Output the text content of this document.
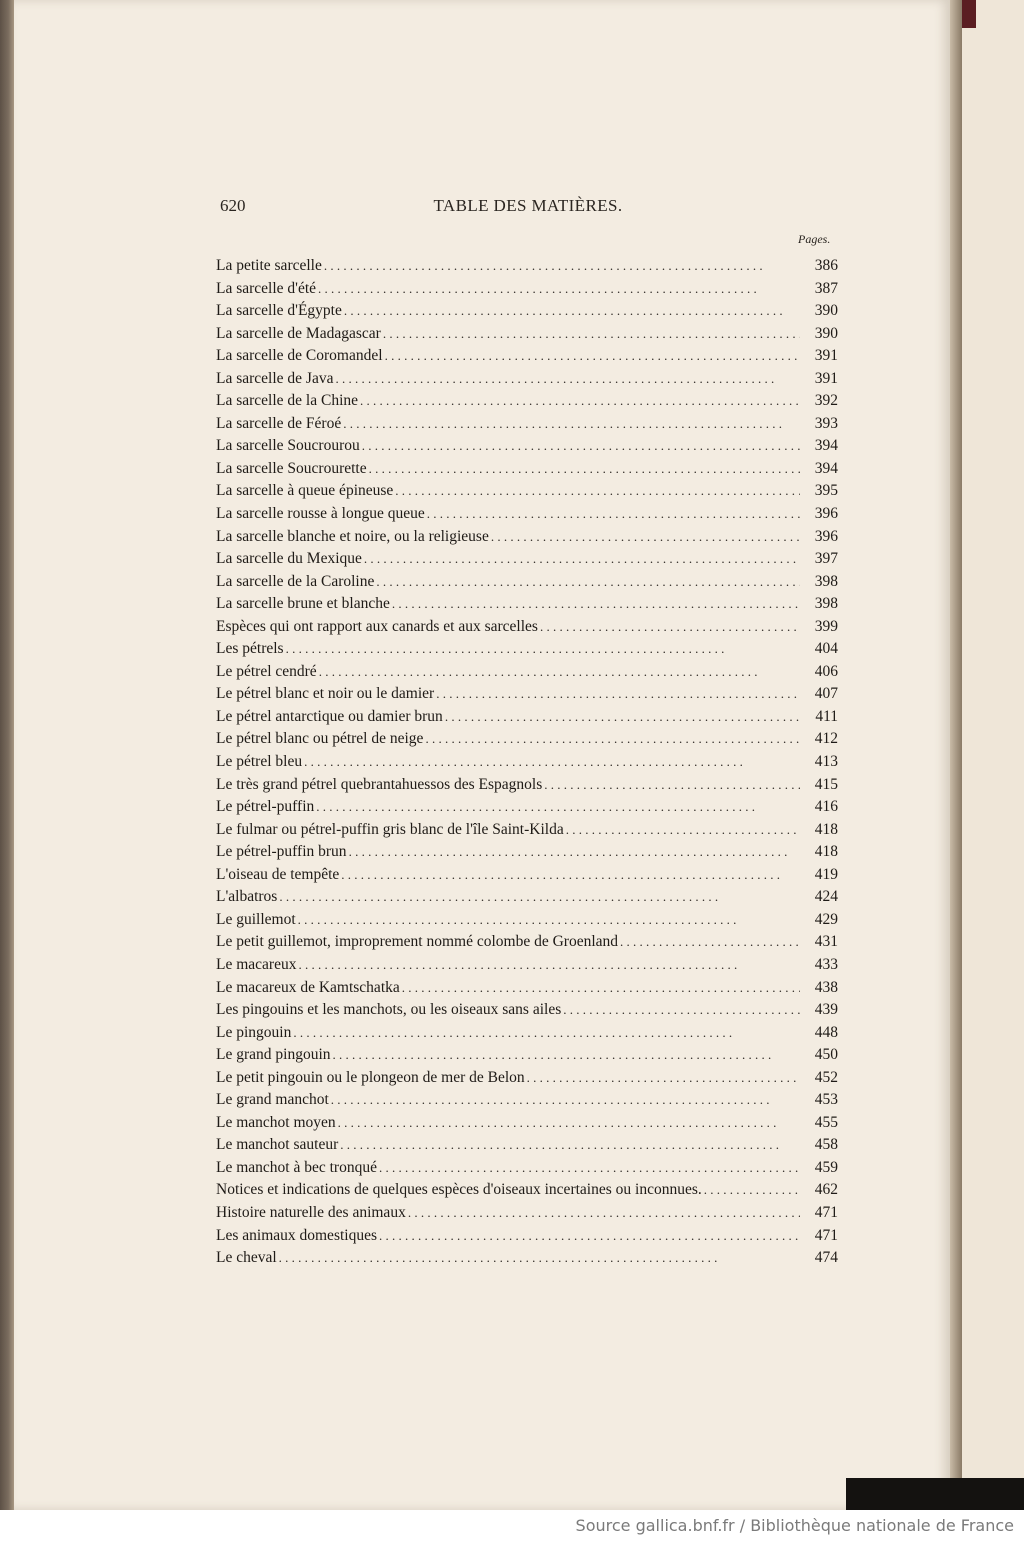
620	TABLE DES MATIÈRES.
Pages.
La petite sarcelle . . .	386
La sarcelle d'été . . .	387
La sarcelle d'Égypte . . .	390
La sarcelle de Madagascar . . .	390
La sarcelle de Coromandel . . .	391
La sarcelle de Java . . .	391
La sarcelle de la Chine . . .	392
La sarcelle de Féroé . . .	393
La sarcelle Soucrourou . . .	394
La sarcelle Soucrourette . . .	394
La sarcelle à queue épineuse . . .	395
La sarcelle rousse à longue queue . . .	396
La sarcelle blanche et noire, ou la religieuse . . .	396
La sarcelle du Mexique . . .	397
La sarcelle de la Caroline . . .	398
La sarcelle brune et blanche . . .	398
Espèces qui ont rapport aux canards et aux sarcelles . . .	399
Les pétrels . . .	404
Le pétrel cendré . . .	406
Le pétrel blanc et noir ou le damier . . .	407
Le pétrel antarctique ou damier brun . . .	411
Le pétrel blanc ou pétrel de neige . . .	412
Le pétrel bleu . . .	413
Le très grand pétrel quebrantahuessos des Espagnols . . .	415
Le pétrel-puffin . . .	416
Le fulmar ou pétrel-puffin gris blanc de l'île Saint-Kilda . . .	418
Le pétrel-puffin brun . . .	418
L'oiseau de tempête . . .	419
L'albatros . . .	424
Le guillemot . . .	429
Le petit guillemot, improprement nommé colombe de Groenland . . .	431
Le macareux . . .	433
Le macareux de Kamtschatka . . .	438
Les pingouins et les manchots, ou les oiseaux sans ailes . . .	439
Le pingouin . . .	448
Le grand pingouin . . .	450
Le petit pingouin ou le plongeon de mer de Belon . . .	452
Le grand manchot . . .	453
Le manchot moyen . . .	455
Le manchot sauteur . . .	458
Le manchot à bec tronqué . . .	459
Notices et indications de quelques espèces d'oiseaux incertaines ou inconnues. . . .	462
Histoire naturelle des animaux . . .	471
Les animaux domestiques . . .	471
Le cheval . . .	474
Source gallica.bnf.fr / Bibliothèque nationale de France
